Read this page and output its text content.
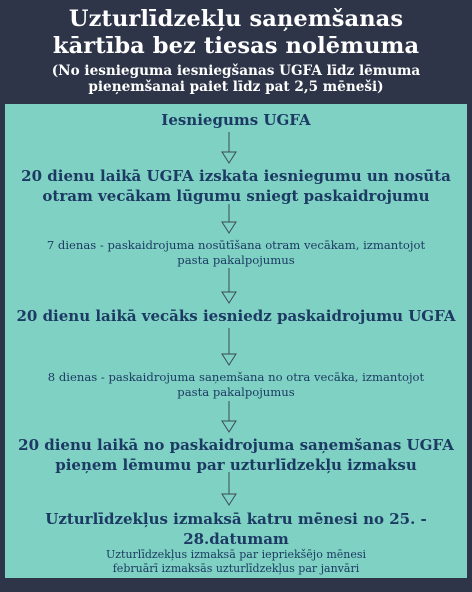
Uzturlīdzekļu saņemšanas
kārtība bez tiesas nolēmuma

(No iesnieguma iesniegšanas UGFA līdz lēmuma
pieņemšanai paiet līdz pat 2,5 mēneši)

Iesniegums UGFA
20 dienu laikā UGFA izskata iesniegumu un nosūta
otram vecākam lūgumu sniegt paskaidrojumu
7 dienas - paskaidrojuma nosūtīšana otram vecākam, izmantojot
pasta pakalpojumus
20 dienu laikā vecāks iesniedz paskaidrojumu UGFA
8 dienas - paskaidrojuma saņemšana no otra vecāka, izmantojot
pasta pakalpojumus
20 dienu laikā no paskaidrojuma saņemšanas UGFA
pieņem lēmumu par uzturlīdzekļu izmaksu
Uzturlīdzekļus izmaksā katru mēnesi no 25. -
28.datumam
Uzturlīdzekļus izmaksā par iepriekšējo mēnesi
februārī izmaksās uzturlīdzekļus par janvāri
